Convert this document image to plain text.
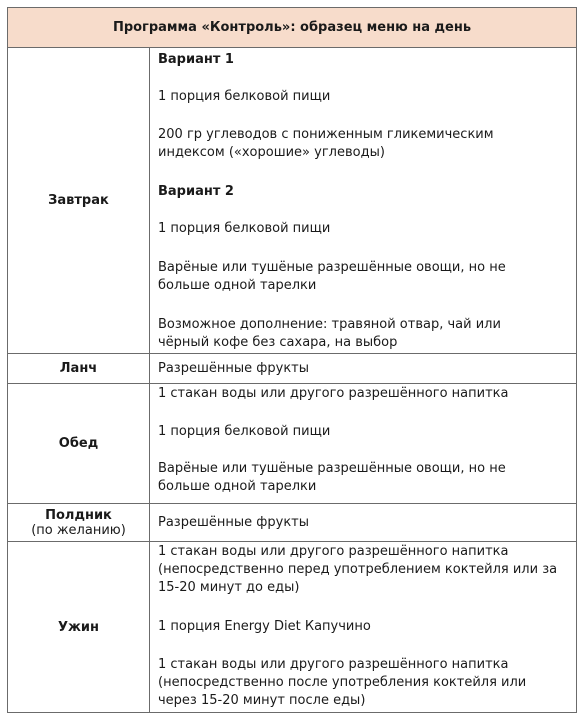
Программа «Контроль»: образец меню на день
Завтрак
Вариант 1
1 порция белковой пищи
200 гр углеводов с пониженным гликемическим индексом («хорошие» углеводы)
Вариант 2
1 порция белковой пищи
Варёные или тушёные разрешённые овощи, но не больше одной тарелки
Возможное дополнение: травяной отвар, чай или чёрный кофе без сахара, на выбор
Ланч	Разрешённые фрукты
Обед
1 стакан воды или другого разрешённого напитка
1 порция белковой пищи
Варёные или тушёные разрешённые овощи, но не больше одной тарелки
Полдник
(по желанию) Разрешённые фрукты
Ужин
1 стакан воды или другого разрешённого напитка (непосредственно перед употреблением коктейля или за 15-20 минут до еды)
1 порция Energy Diet Капучино
1 стакан воды или другого разрешённого напитка (непосредственно после употребления коктейля или через 15-20 минут после еды)
